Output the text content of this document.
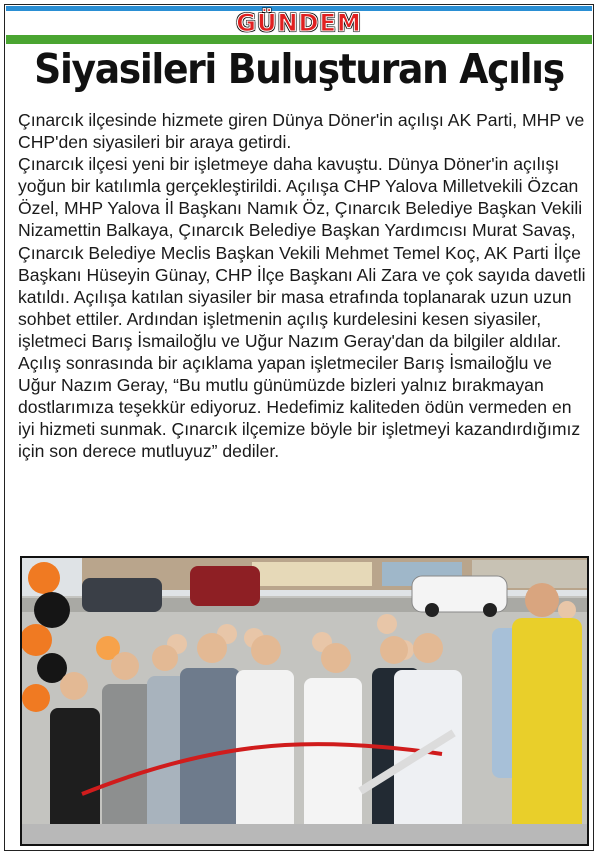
GÜNDEM
Siyasileri Buluşturan Açılış

Çınarcık ilçesinde hizmete giren Dünya Döner'in açılışı AK Parti, MHP ve CHP'den siyasileri bir araya getirdi.

Çınarcık ilçesi yeni bir işletmeye daha kavuştu. Dünya Döner'in açılışı yoğun bir katılımla gerçekleştirildi. Açılışa CHP Yalova Milletvekili Özcan Özel, MHP Yalova İl Başkanı Namık Öz, Çınarcık Belediye Başkan Vekili Nizamettin Balkaya, Çınarcık Belediye Başkan Yardımcısı Murat Savaş, Çınarcık Belediye Meclis Başkan Vekili Mehmet Temel Koç, AK Parti İlçe Başkanı Hüseyin Günay, CHP İlçe Başkanı Ali Zara ve çok sayıda davetli katıldı. Açılışa katılan siyasiler bir masa etrafında toplanarak uzun uzun sohbet ettiler. Ardından işletmenin açılış kurdelesini kesen siyasiler, işletmeci Barış İsmailoğlu ve Uğur Nazım Geray'dan da bilgiler aldılar. Açılış sonrasında bir açıklama yapan işletmeciler Barış İsmailoğlu ve Uğur Nazım Geray, “Bu mutlu günümüzde bizleri yalnız bırakmayan dostlarımıza teşekkür ediyoruz. Hedefimiz kaliteden ödün vermeden en iyi hizmeti sunmak. Çınarcık ilçemize böyle bir işletmeyi kazandırdığımız için son derece mutluyuz” dediler.
